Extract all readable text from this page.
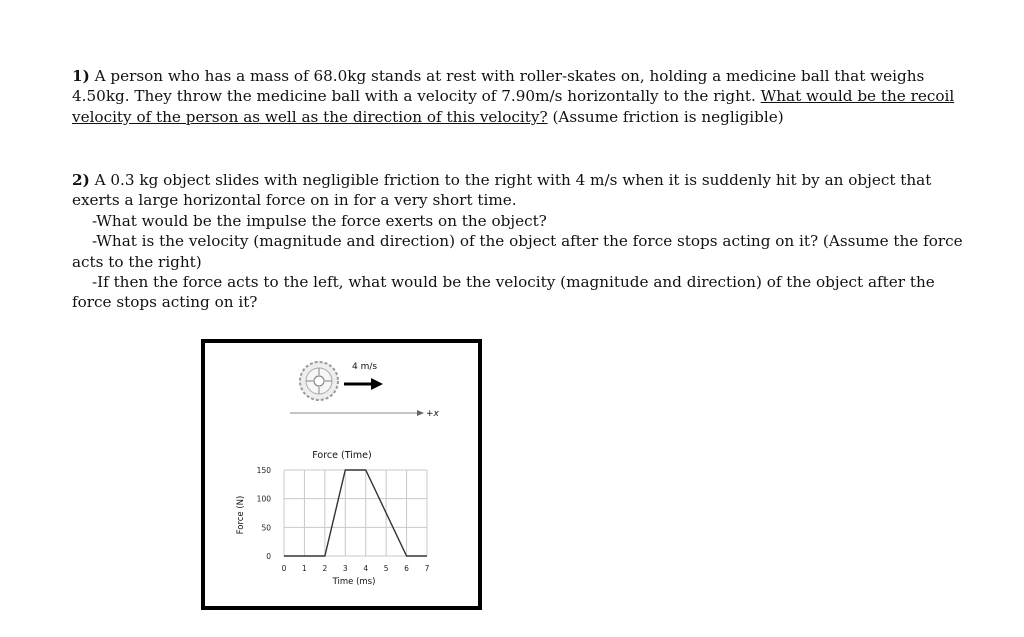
1) A person who has a mass of 68.0kg stands at rest with roller-skates on, holding a medicine ball that weighs 4.50kg. They throw the medicine ball with a velocity of 7.90m/s horizontally to the right. What would be the recoil velocity of the person as well as the direction of this velocity? (Assume friction is negligible)
2) A 0.3 kg object slides with negligible friction to the right with 4 m/s when it is suddenly hit by an object that exerts a large horizontal force on in for a very short time.
-What would be the impulse the force exerts on the object?
-What is the velocity (magnitude and direction) of the object after the force stops acting on it? (Assume the force acts to the right)
-If then the force acts to the left, what would be the velocity (magnitude and direction) of the object after the force stops acting on it?
4 m/s
+x
Force (Time)
Force (N)
Time (ms)
0 1 2 3 4 5 6 7
0
50
100
150
